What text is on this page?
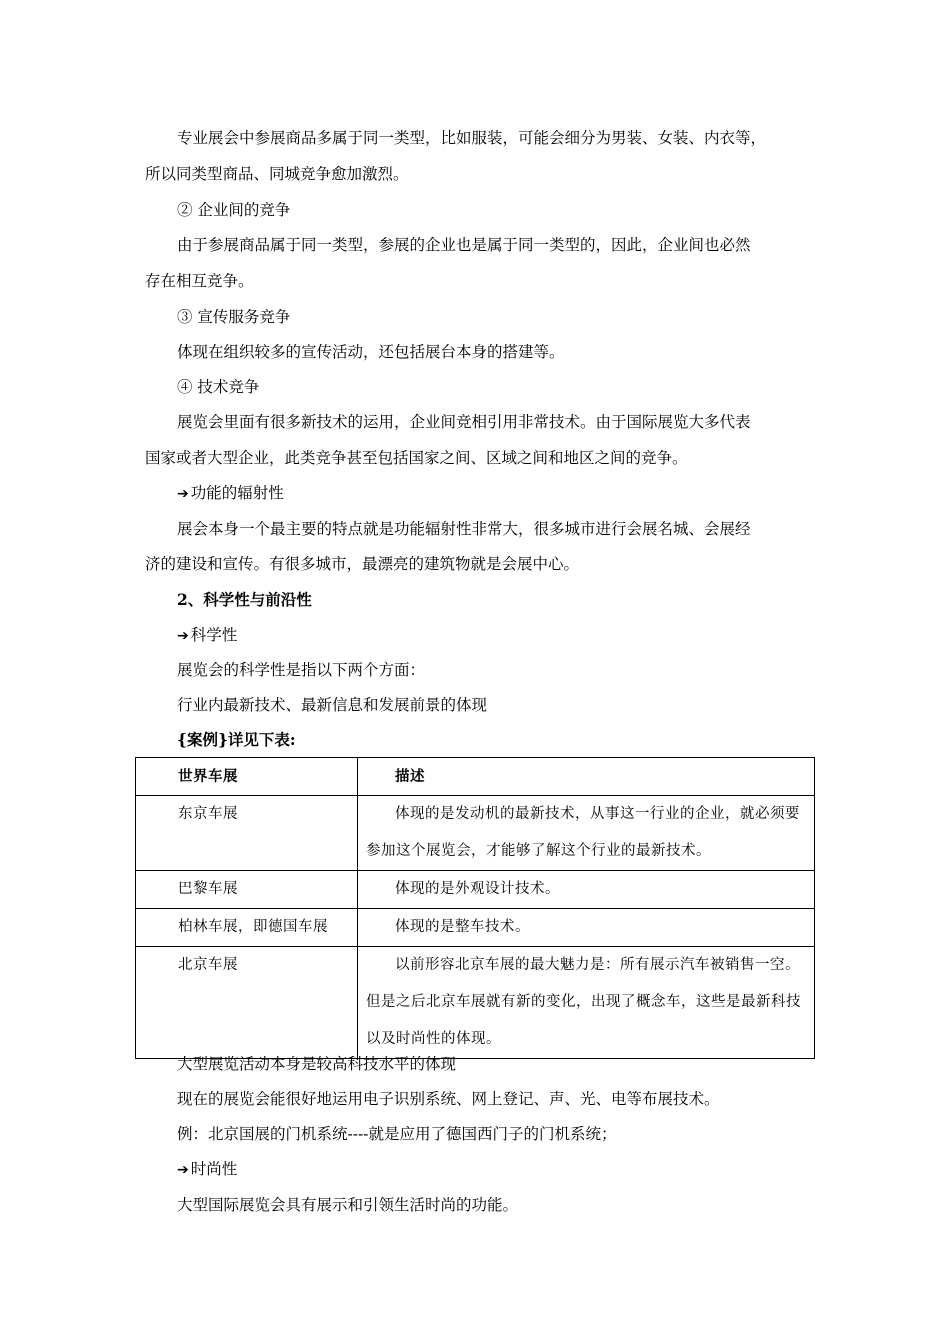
专业展会中参展商品多属于同一类型，比如服装，可能会细分为男装、女装、内衣等，
所以同类型商品、同城竞争愈加激烈。
② 企业间的竞争
由于参展商品属于同一类型，参展的企业也是属于同一类型的，因此，企业间也必然
存在相互竞争。
③ 宣传服务竞争
体现在组织较多的宣传活动，还包括展台本身的搭建等。
④ 技术竞争
展览会里面有很多新技术的运用，企业间竞相引用非常技术。由于国际展览大多代表
国家或者大型企业，此类竞争甚至包括国家之间、区域之间和地区之间的竞争。
➔ 功能的辐射性
展会本身一个最主要的特点就是功能辐射性非常大，很多城市进行会展名城、会展经
济的建设和宣传。有很多城市，最漂亮的建筑物就是会展中心。
2、科学性与前沿性
➔ 科学性
展览会的科学性是指以下两个方面：
行业内最新技术、最新信息和发展前景的体现
{案例}详见下表:
世界车展	描述

东京车展	体现的是发动机的最新技术，从事这一行业的企业，就必须要参加这个展览会，才能够了解这个行业的最新技术。

巴黎车展	体现的是外观设计技术。

柏林车展，即德国车展	体现的是整车技术。

北京车展	以前形容北京车展的最大魅力是：所有展示汽车被销售一空。但是之后北京车展就有新的变化，出现了概念车，这些是最新科技以及时尚性的体现。
大型展览活动本身是较高科技水平的体现
现在的展览会能很好地运用电子识别系统、网上登记、声、光、电等布展技术。
例：北京国展的门机系统----就是应用了德国西门子的门机系统；
➔ 时尚性
大型国际展览会具有展示和引领生活时尚的功能。
